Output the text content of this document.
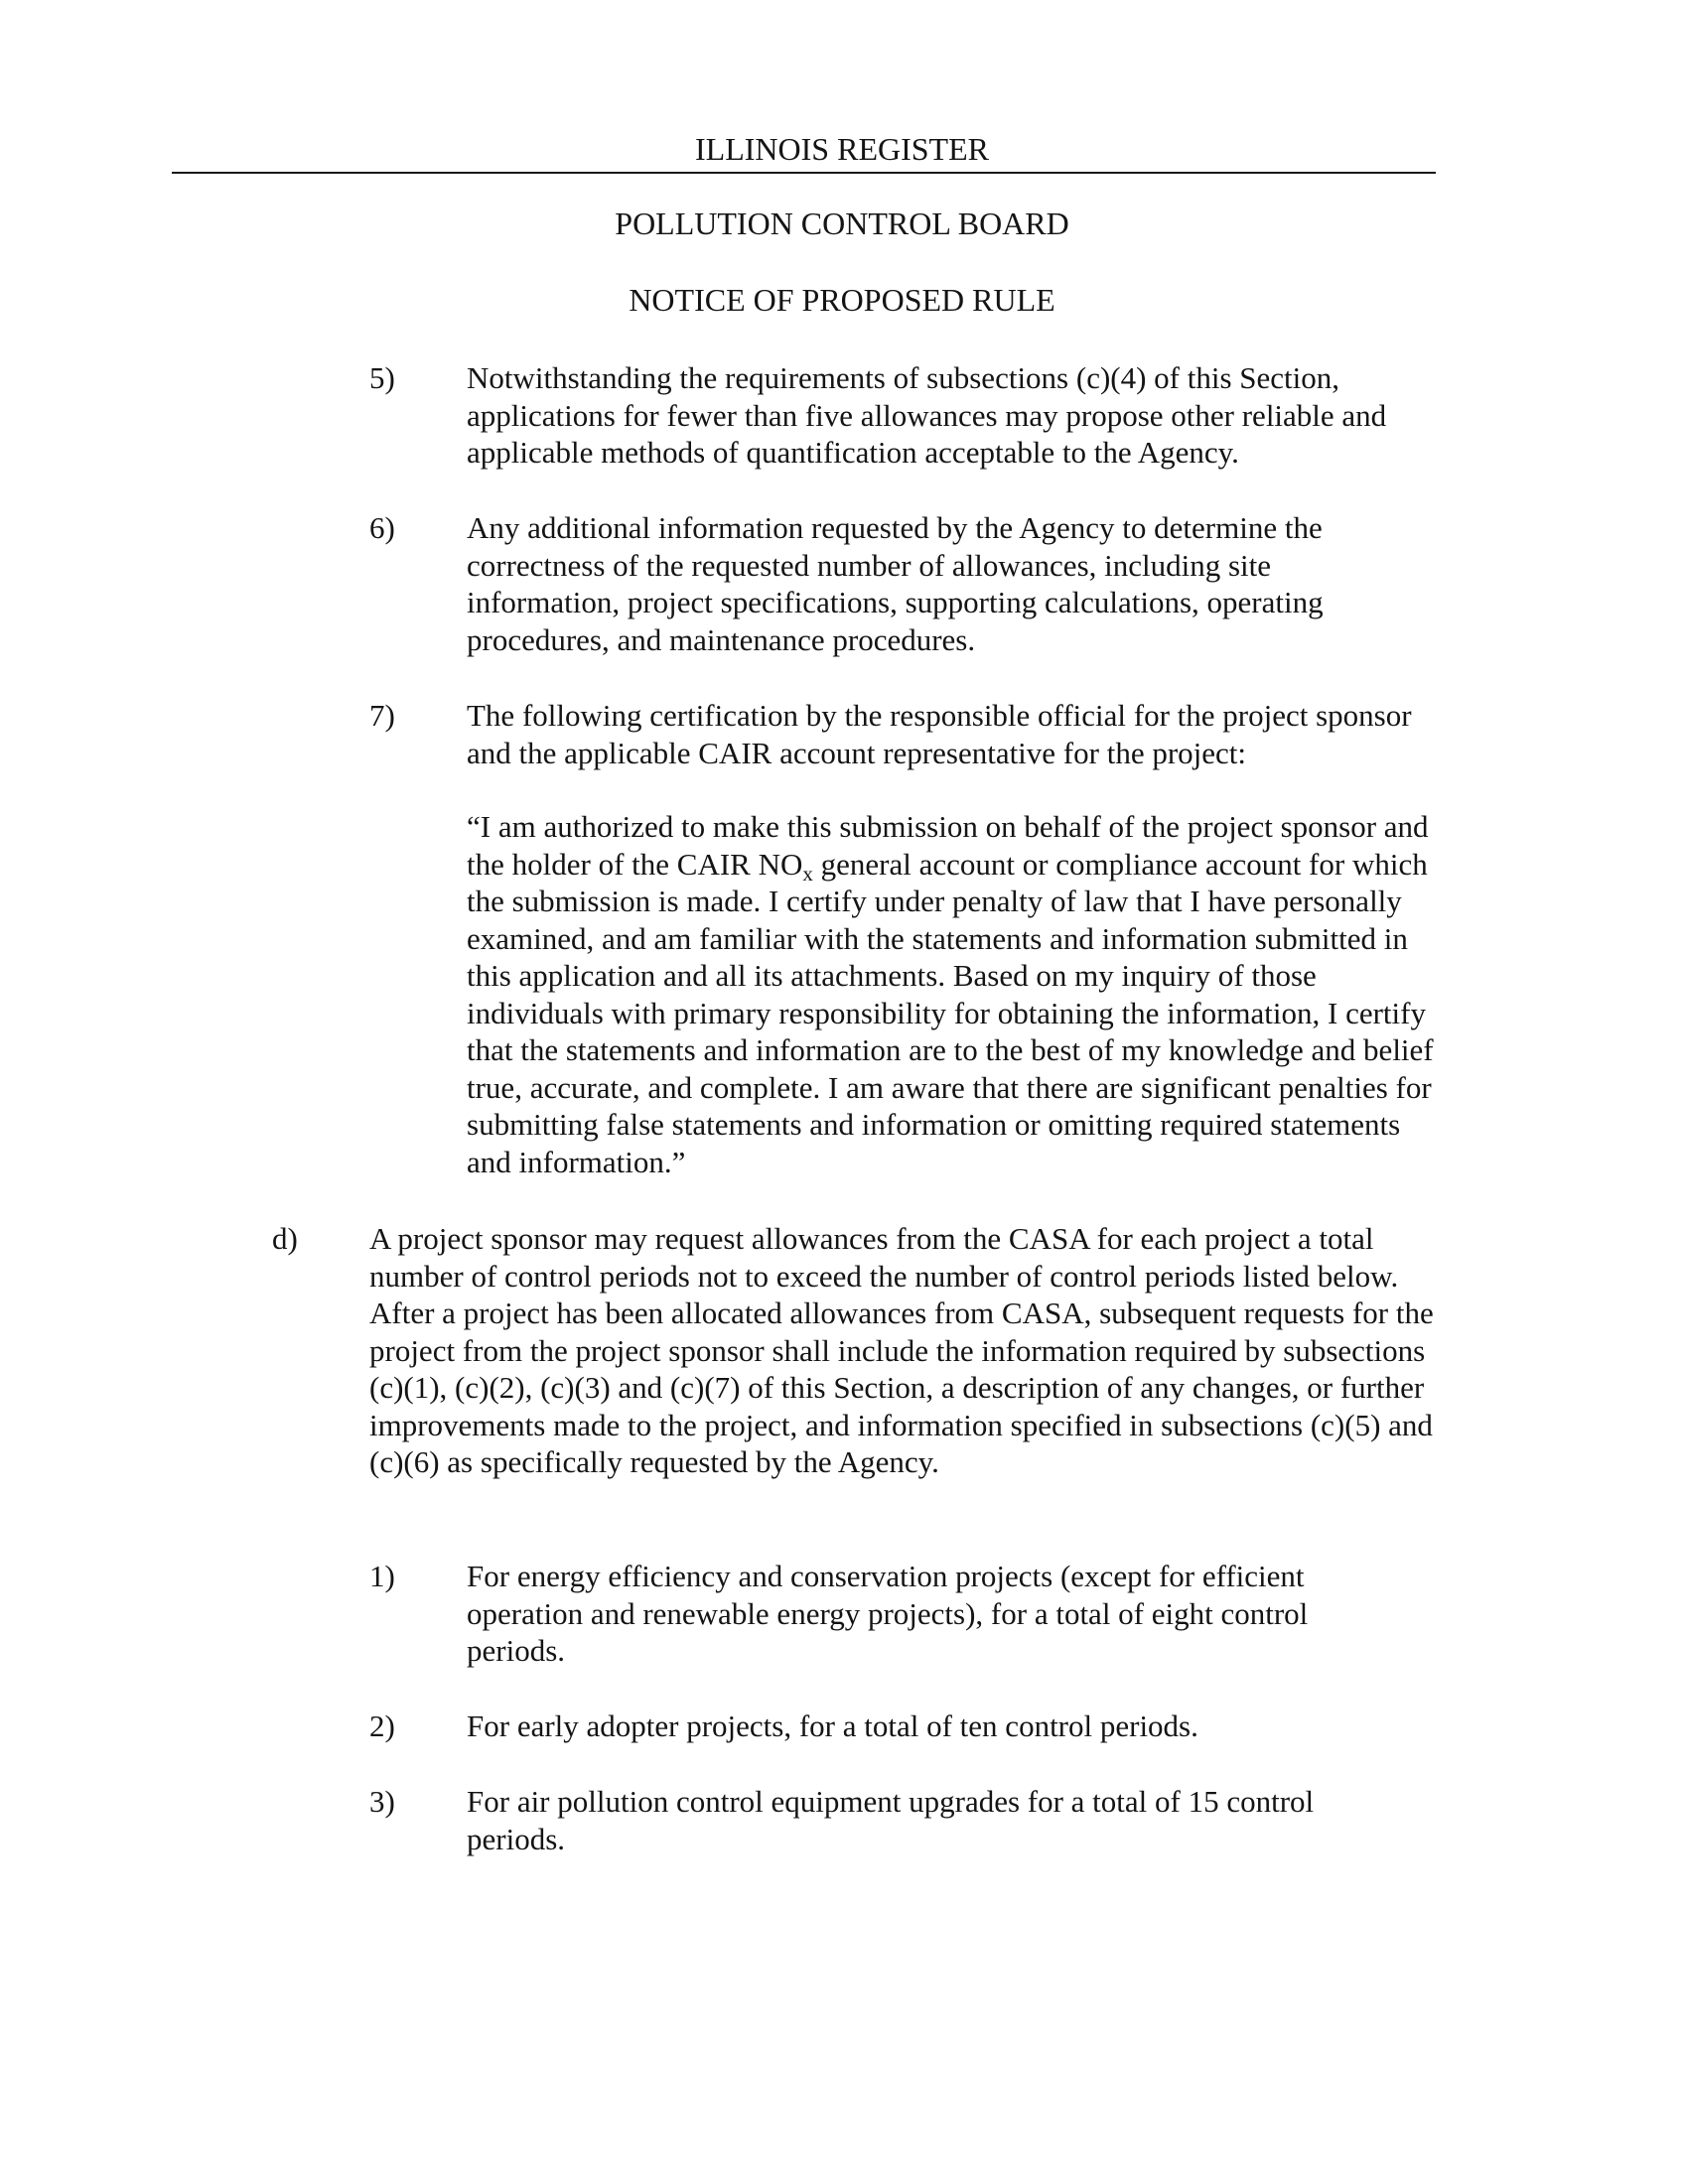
ILLINOIS REGISTER
POLLUTION CONTROL BOARD
NOTICE OF PROPOSED RULE
5) Notwithstanding the requirements of subsections (c)(4) of this Section, applications for fewer than five allowances may propose other reliable and applicable methods of quantification acceptable to the Agency.
6) Any additional information requested by the Agency to determine the correctness of the requested number of allowances, including site information, project specifications, supporting calculations, operating procedures, and maintenance procedures.
7) The following certification by the responsible official for the project sponsor and the applicable CAIR account representative for the project:
“I am authorized to make this submission on behalf of the project sponsor and the holder of the CAIR $NO_x$ general account or compliance account for which the submission is made. I certify under penalty of law that I have personally examined, and am familiar with the statements and information submitted in this application and all its attachments. Based on my inquiry of those individuals with primary responsibility for obtaining the information, I certify that the statements and information are to the best of my knowledge and belief true, accurate, and complete. I am aware that there are significant penalties for submitting false statements and information or omitting required statements and information.”
d) A project sponsor may request allowances from the CASA for each project a total number of control periods not to exceed the number of control periods listed below. After a project has been allocated allowances from CASA, subsequent requests for the project from the project sponsor shall include the information required by subsections (c)(1), (c)(2), (c)(3) and (c)(7) of this Section, a description of any changes, or further improvements made to the project, and information specified in subsections (c)(5) and (c)(6) as specifically requested by the Agency.
1) For energy efficiency and conservation projects (except for efficient operation and renewable energy projects), for a total of eight control periods.
2) For early adopter projects, for a total of ten control periods.
3) For air pollution control equipment upgrades for a total of 15 control periods.
